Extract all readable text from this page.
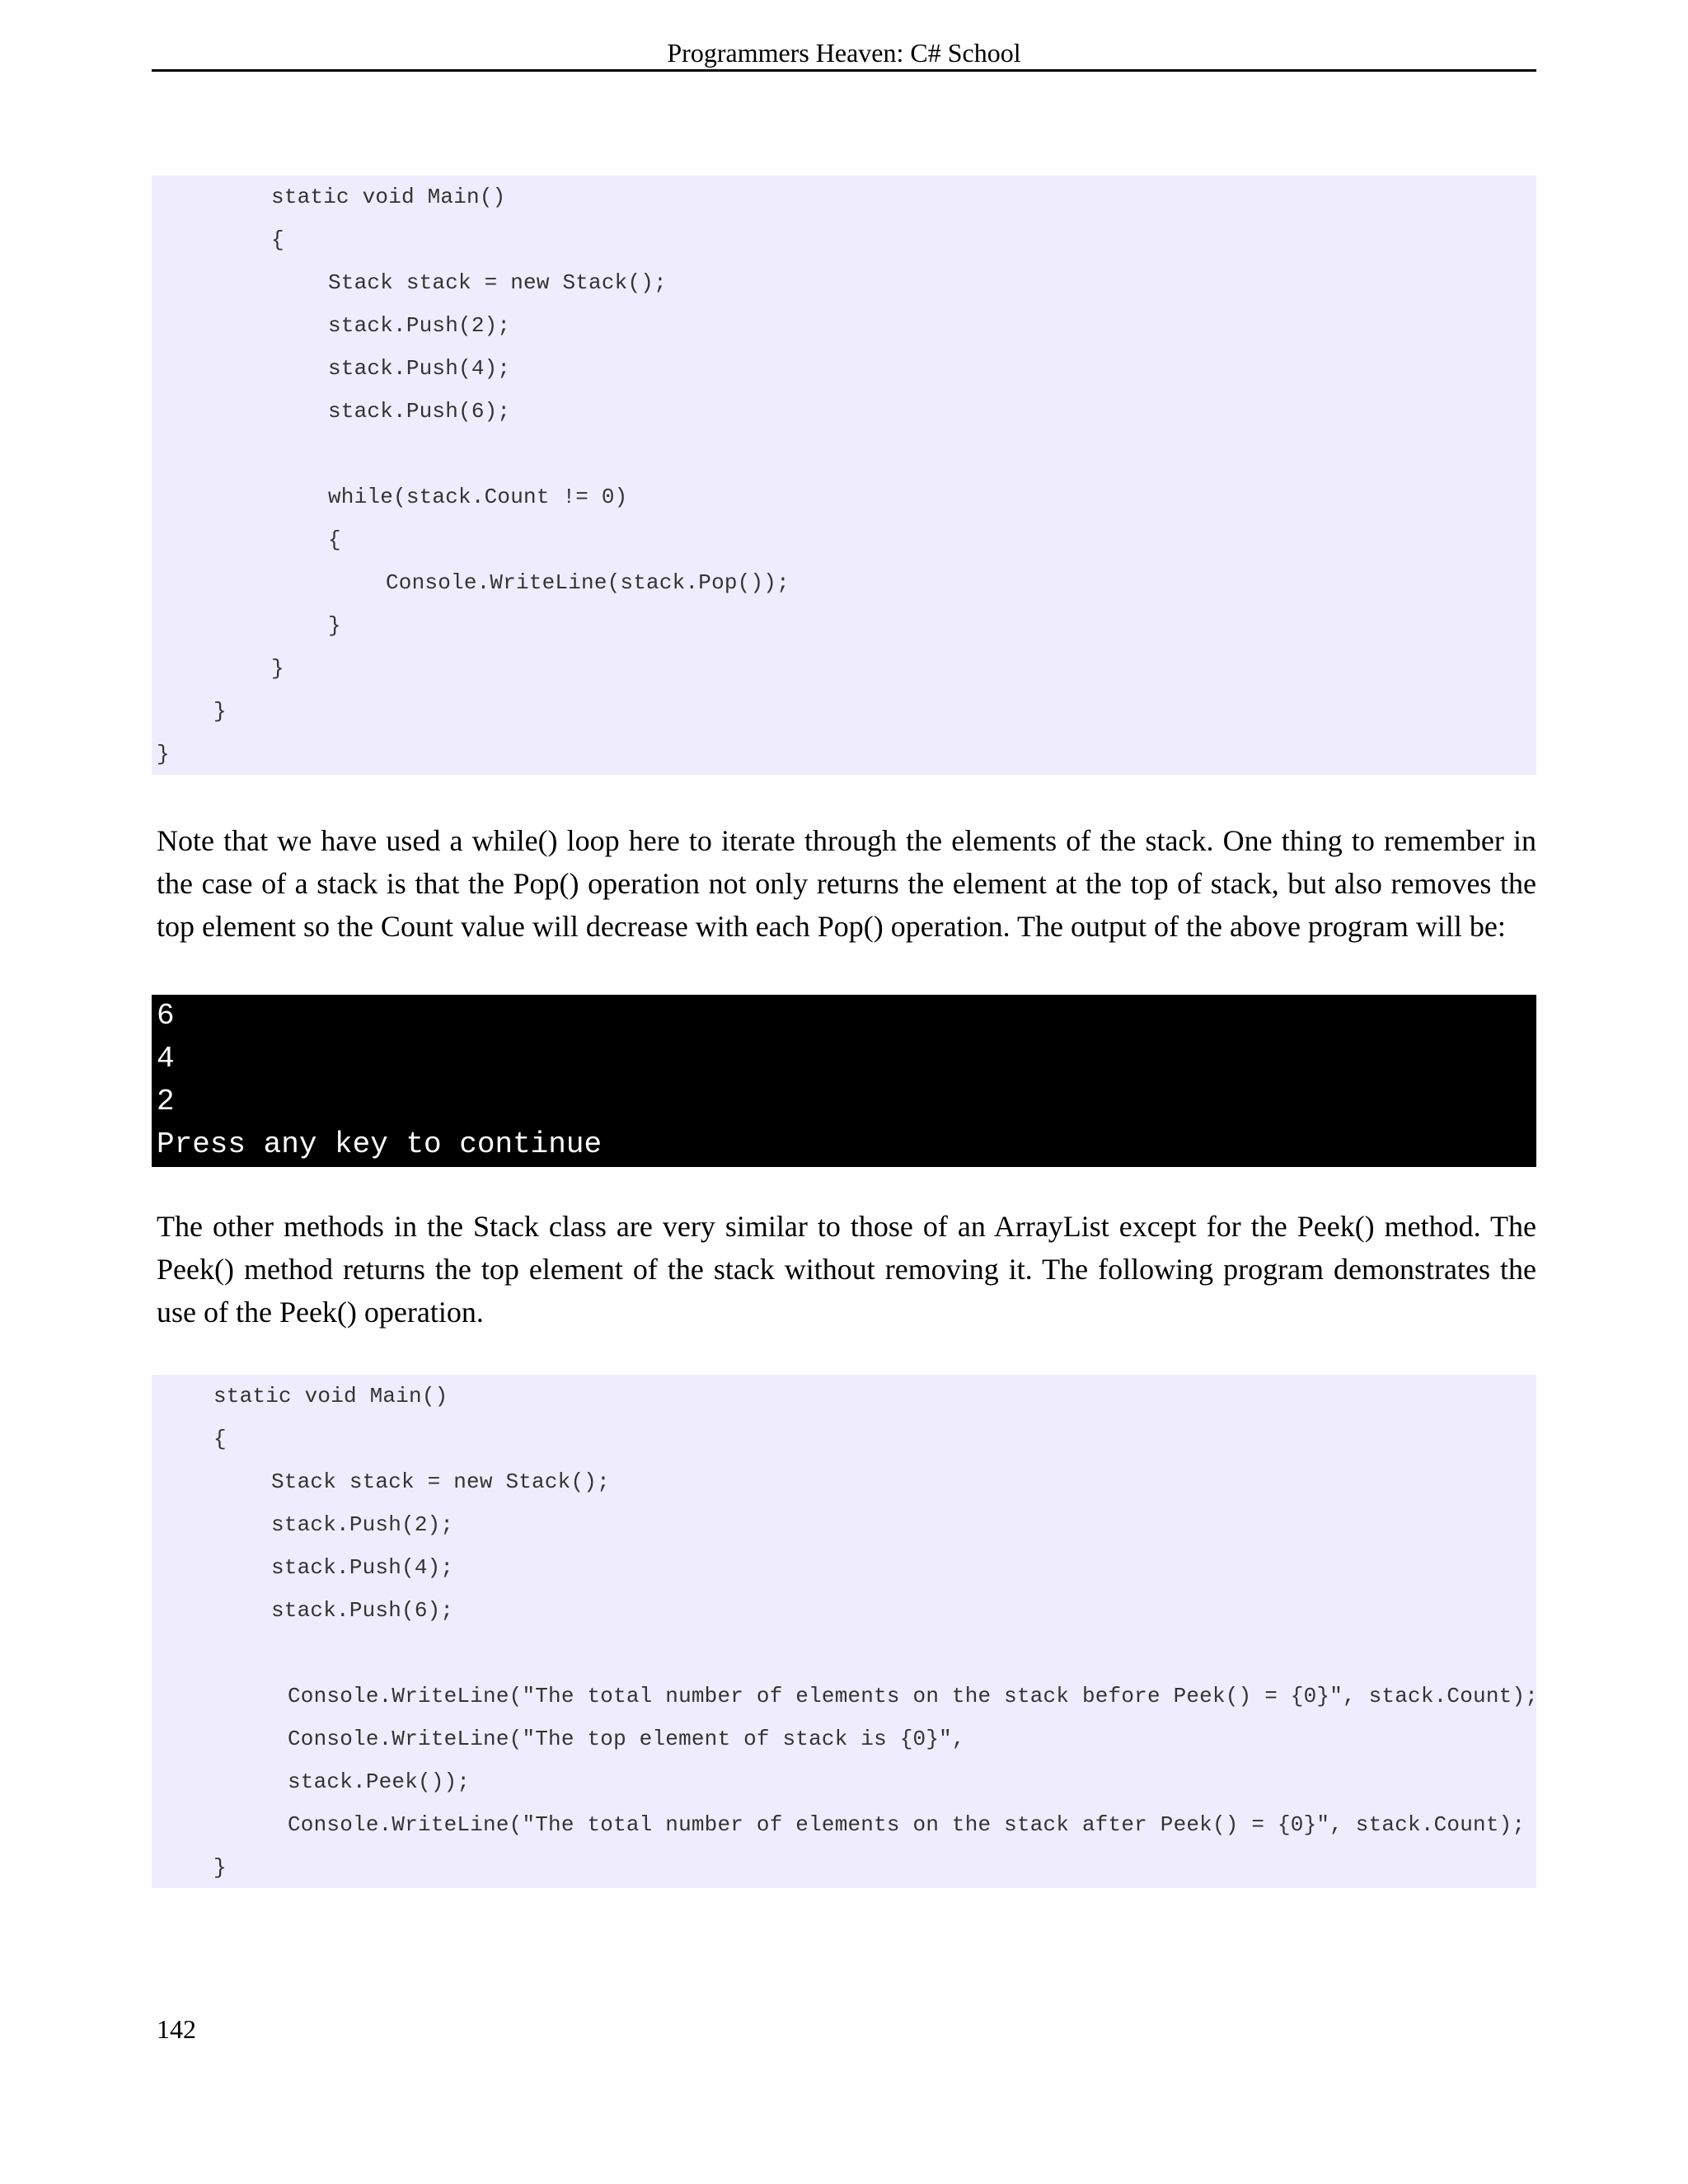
Programmers Heaven: C# School
static void Main()
{
Stack stack = new Stack();
stack.Push(2);
stack.Push(4);
stack.Push(6);
while(stack.Count != 0)
{
Console.WriteLine(stack.Pop());
}
}
}
}
Note that we have used a while() loop here to iterate through the elements of the stack. One thing to remember in the case of a stack is that the Pop() operation not only returns the element at the top of stack, but also removes the top element so the Count value will decrease with each Pop() operation. The output of the above program will be:
6
4
2
Press any key to continue
The other methods in the Stack class are very similar to those of an ArrayList except for the Peek() method. The Peek() method returns the top element of the stack without removing it. The following program demonstrates the use of the Peek() operation.
static void Main()
{
Stack stack = new Stack();
stack.Push(2);
stack.Push(4);
stack.Push(6);
Console.WriteLine("The total number of elements on the stack before Peek() = {0}", stack.Count);
Console.WriteLine("The top element of stack is {0}",
stack.Peek());
Console.WriteLine("The total number of elements on the stack after Peek() = {0}", stack.Count);
}
142
